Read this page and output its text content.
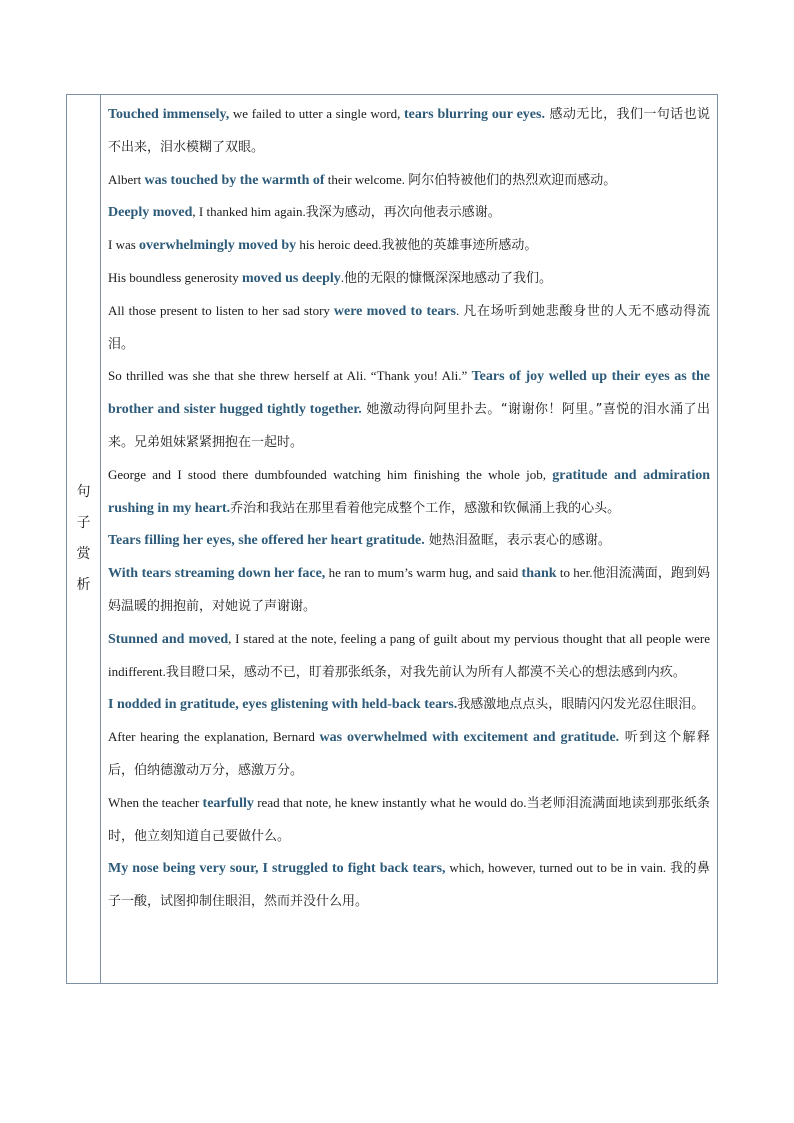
句
子
赏
析

Touched immensely, we failed to utter a single word, tears blurring our eyes. 感动无比，我们一句话也说不出来，泪水模糊了双眼。

Albert was touched by the warmth of their welcome. 阿尔伯特被他们的热烈欢迎而感动。

Deeply moved, I thanked him again.我深为感动，再次向他表示感谢。

I was overwhelmingly moved by his heroic deed.我被他的英雄事迹所感动。

His boundless generosity moved us deeply.他的无限的慷慨深深地感动了我们。

All those present to listen to her sad story were moved to tears. 凡在场听到她悲酸身世的人无不感动得流泪。

So thrilled was she that she threw herself at Ali. “Thank you! Ali.” Tears of joy welled up their eyes as the brother and sister hugged tightly together. 她激动得向阿里扑去。“谢谢你！阿里。”喜悦的泪水涌了出来。兄弟姐妹紧紧拥抱在一起时。

George and I stood there dumbfounded watching him finishing the whole job, gratitude and admiration rushing in my heart.乔治和我站在那里看着他完成整个工作，感激和钦佩涌上我的心头。

Tears filling her eyes, she offered her heart gratitude. 她热泪盈眶，表示衷心的感谢。

With tears streaming down her face, he ran to mum’s warm hug, and said thank to her.他泪流满面，跑到妈妈温暖的拥抱前，对她说了声谢谢。

Stunned and moved, I stared at the note, feeling a pang of guilt about my pervious thought that all people were indifferent.我目瞪口呆，感动不已，盯着那张纸条，对我先前认为所有人都漠不关心的想法感到内疚。

I nodded in gratitude, eyes glistening with held-back tears.我感激地点点头，眼睛闪闪发光忍住眼泪。

After hearing the explanation, Bernard was overwhelmed with excitement and gratitude. 听到这个解释后，伯纳德激动万分，感激万分。

When the teacher tearfully read that note, he knew instantly what he would do.当老师泪流满面地读到那张纸条时，他立刻知道自己要做什么。

My nose being very sour, I struggled to fight back tears, which, however, turned out to be in vain. 我的鼻子一酸，试图抑制住眼泪，然而并没什么用。
